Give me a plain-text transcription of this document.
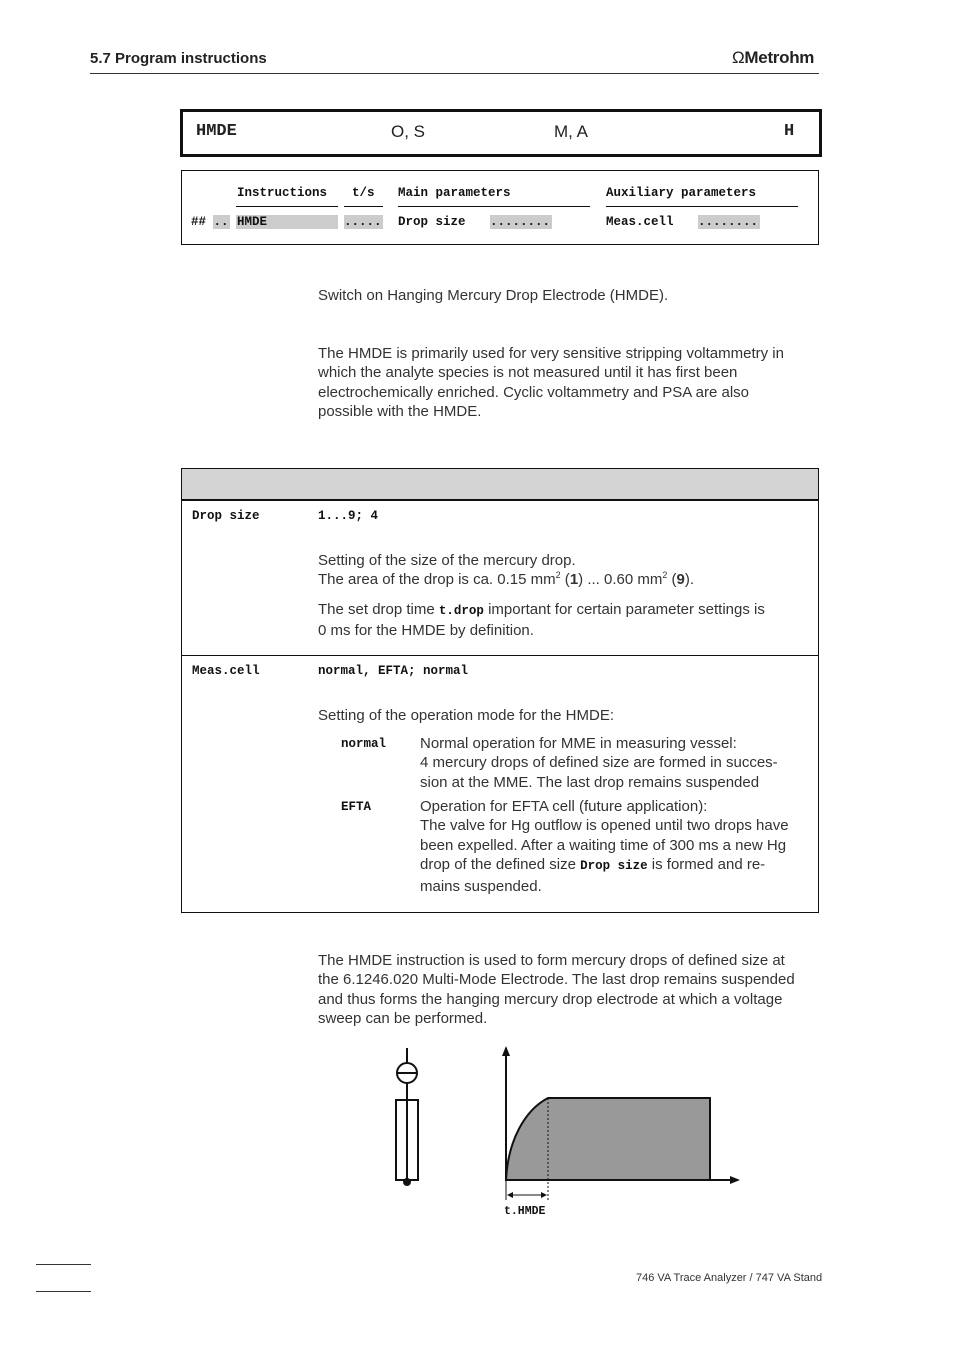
5.7 Program instructions	ΩMetrohm
HMDE	O, S	M, A	H
Instructions t/s Main parameters	Auxiliary parameters
## .. HMDE	..... Drop size ........	Meas.cell ........
Switch on Hanging Mercury Drop Electrode (HMDE).
The HMDE is primarily used for very sensitive stripping voltammetry in
which the analyte species is not measured until it has first been
electrochemically enriched. Cyclic voltammetry and PSA are also
possible with the HMDE.
Drop size	1...9; 4
Setting of the size of the mercury drop.
The area of the drop is ca. 0.15 $mm^2$ (1) ... 0.60 $mm^2$ (9).
The set drop time t.drop important for certain parameter settings is
0 ms for the HMDE by definition.
Meas.cell	normal, EFTA; normal
Setting of the operation mode for the HMDE:
normal Normal operation for MME in measuring vessel:
4 mercury drops of defined size are formed in succes-
sion at the MME. The last drop remains suspended
EFTA	Operation for EFTA cell (future application):
The valve for Hg outflow is opened until two drops have
been expelled. After a waiting time of 300 ms a new Hg
drop of the defined size Drop size is formed and re-
mains suspended.
The HMDE instruction is used to form mercury drops of defined size at
the 6.1246.020 Multi-Mode Electrode. The last drop remains suspended
and thus forms the hanging mercury drop electrode at which a voltage
sweep can be performed.
t.HMDE
746 VA Trace Analyzer / 747 VA Stand
